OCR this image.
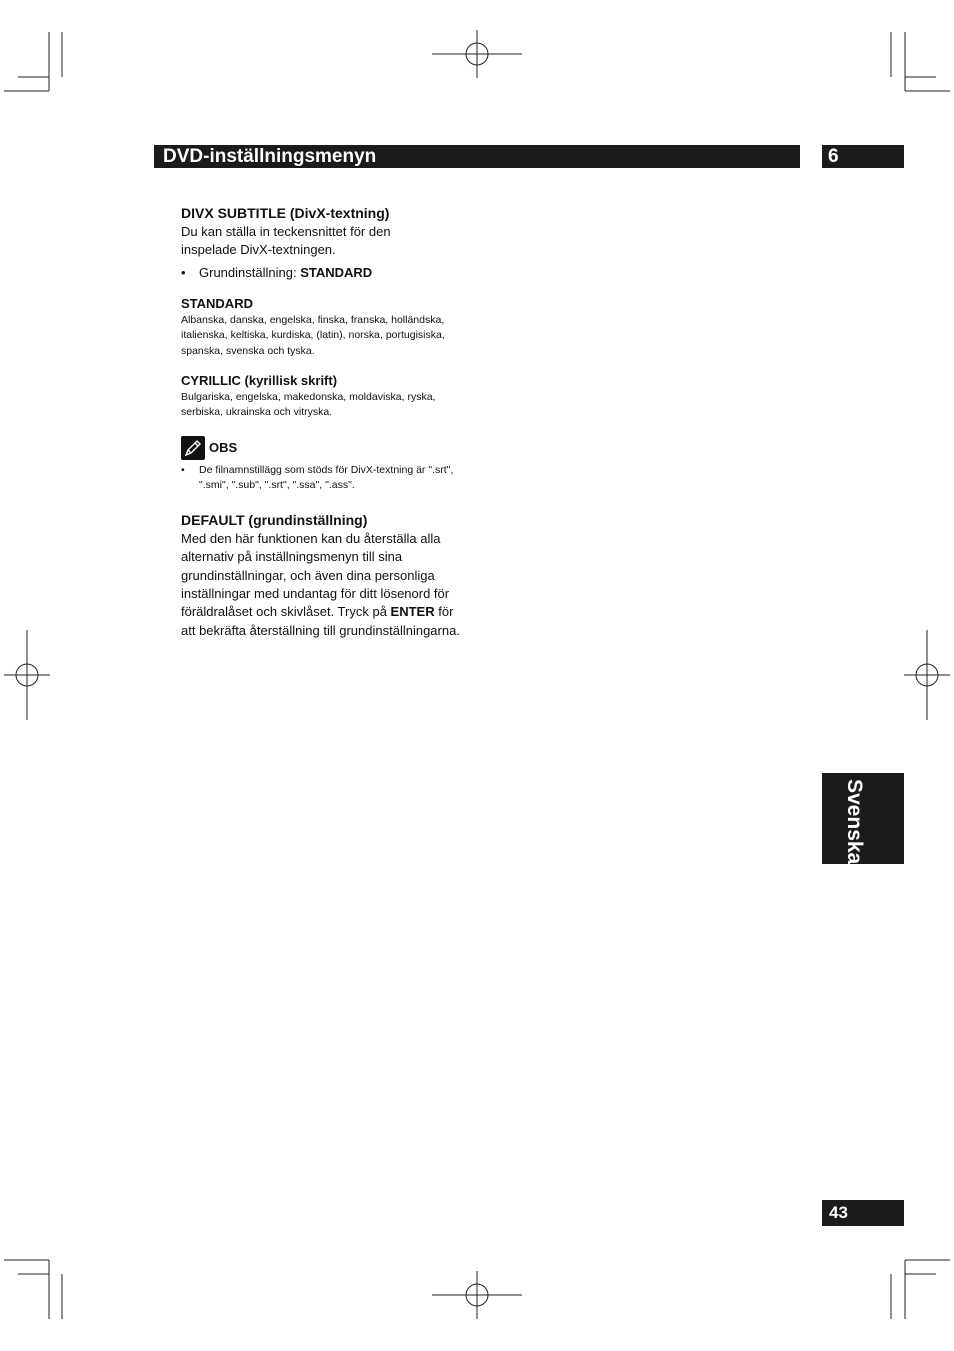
DVD-inställningsmenyn	6
Svenska
43

DIVX SUBTITLE (DivX-textning)

Du kan ställa in teckensnittet för den inspelade DivX-textningen.

•	Grundinställning: STANDARD

STANDARD

Albanska, danska, engelska, finska, franska, holländska, italienska, keltiska, kurdiska, (latin), norska, portugisiska, spanska, svenska och tyska.

CYRILLIC (kyrillisk skrift)

Bulgariska, engelska, makedonska, moldaviska, ryska, serbiska, ukrainska och vitryska.

OBS
•	De filnamnstillägg som stöds för DivX-textning är ".srt", ".smi", ".sub", ".srt", ".ssa", ".ass".

DEFAULT (grundinställning)

Med den här funktionen kan du återställa alla alternativ på inställningsmenyn till sina grundinställningar, och även dina personliga inställningar med undantag för ditt lösenord för föräldralåset och skivlåset. Tryck på ENTER för att bekräfta återställning till grundinställningarna.
